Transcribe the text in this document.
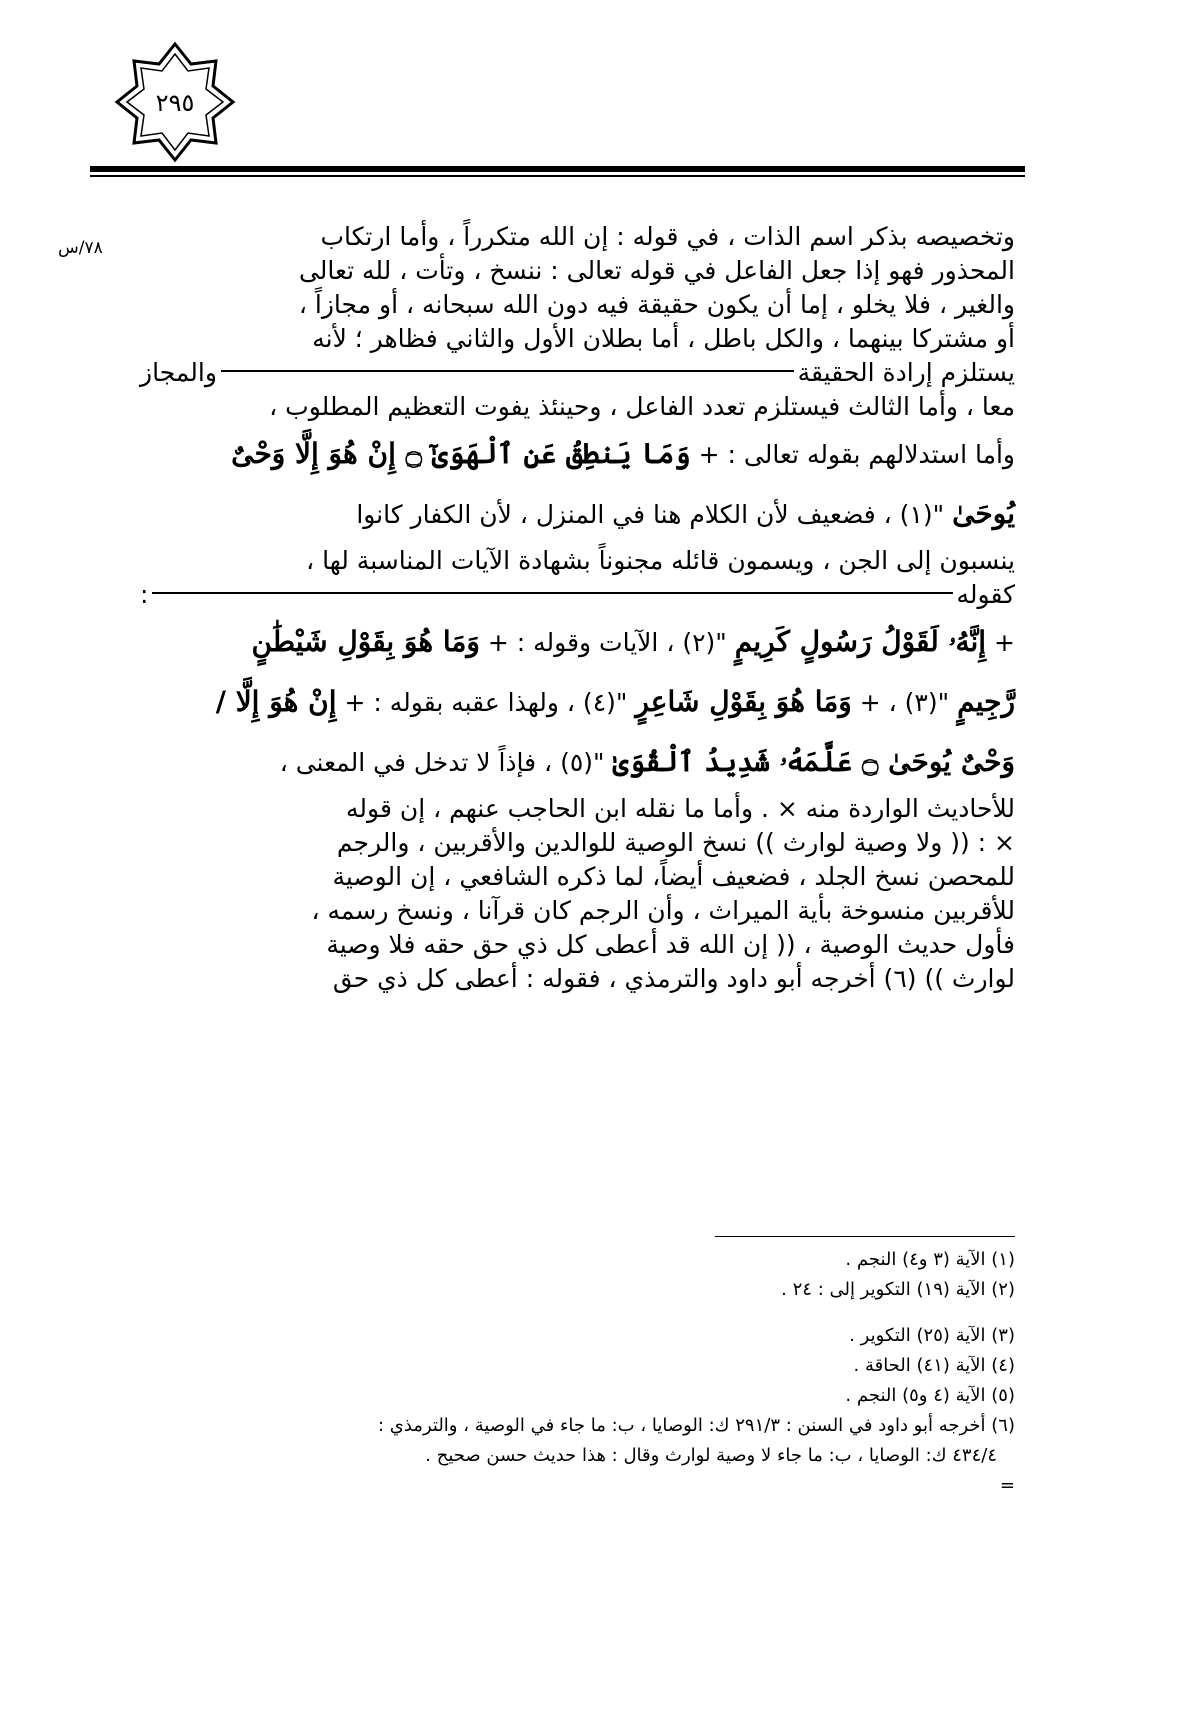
٢٩٥
٧٨/س	وتخصيصه بذكر اسم الذات ، في قوله : إن الله متكرراً ، وأما ارتكاب
المحذور فهو إذا جعل الفاعل في قوله تعالى : ننسخ ، وتأت ، لله تعالى
والغير ، فلا يخلو ، إما أن يكون حقيقة فيه دون الله سبحانه ، أو مجازاً ،
أو مشتركا بينهما ، والكل باطل ، أما بطلان الأول والثاني فظاهر ؛ لأنه
يستلزم إرادة الحقيقة
والمجاز
معا ، وأما الثالث فيستلزم تعدد الفاعل ، وحينئذ يفوت التعظيم المطلوب ،
وأما استدلالهم بقوله تعالى : + وَمَا يَنطِقُ عَنِ ٱلْهَوَىٰٓ ۝ إِنْ هُوَ إِلَّا وَحْىٌ
يُوحَىٰ "(١) ، فضعيف لأن الكلام هنا في المنزل ، لأن الكفار كانوا
ينسبون إلى الجن ، ويسمون قائله مجنوناً بشهادة الآيات المناسبة لها ،
كقوله
:
+ إِنَّهُۥ لَقَوْلُ رَسُولٍ كَرِيمٍ "(٢) ، الآيات وقوله : + وَمَا هُوَ بِقَوْلِ شَيْطَٰنٍ
رَّجِيمٍ "(٣) ، + وَمَا هُوَ بِقَوْلِ شَاعِرٍ "(٤) ، ولهذا عقبه بقوله : + إِنْ هُوَ إِلَّا /
وَحْىٌ يُوحَىٰ ۝ عَلَّمَهُۥ شَدِيدُ ٱلْقُوَىٰ "(٥) ، فإذاً لا تدخل في المعنى ،
للأحاديث الواردة منه × . وأما ما نقله ابن الحاجب عنهم ، إن قوله
× : (( ولا وصية لوارث )) نسخ الوصية للوالدين والأقربين ، والرجم
للمحصن نسخ الجلد ، فضعيف أيضاً، لما ذكره الشافعي ، إن الوصية
للأقربين منسوخة بأية الميراث ، وأن الرجم كان قرآنا ، ونسخ رسمه ،
فأول حديث الوصية ، (( إن الله قد أعطى كل ذي حق حقه فلا وصية
لوارث )) (٦) أخرجه أبو داود والترمذي ، فقوله : أعطى كل ذي حق
(١) الآية (٣ و٤) النجم .
(٢) الآية (١٩) التكوير إلى : ٢٤ .
(٣) الآية (٢٥) التكوير .
(٤) الآية (٤١) الحاقة .
(٥) الآية (٤ و٥) النجم .
(٦) أخرجه أبو داود في السنن : ٢٩١/٣ ك: الوصايا ، ب: ما جاء في الوصية ، والترمذي :
٤٣٤/٤ ك: الوصايا ، ب: ما جاء لا وصية لوارث وقال : هذا حديث حسن صحيح .
=
